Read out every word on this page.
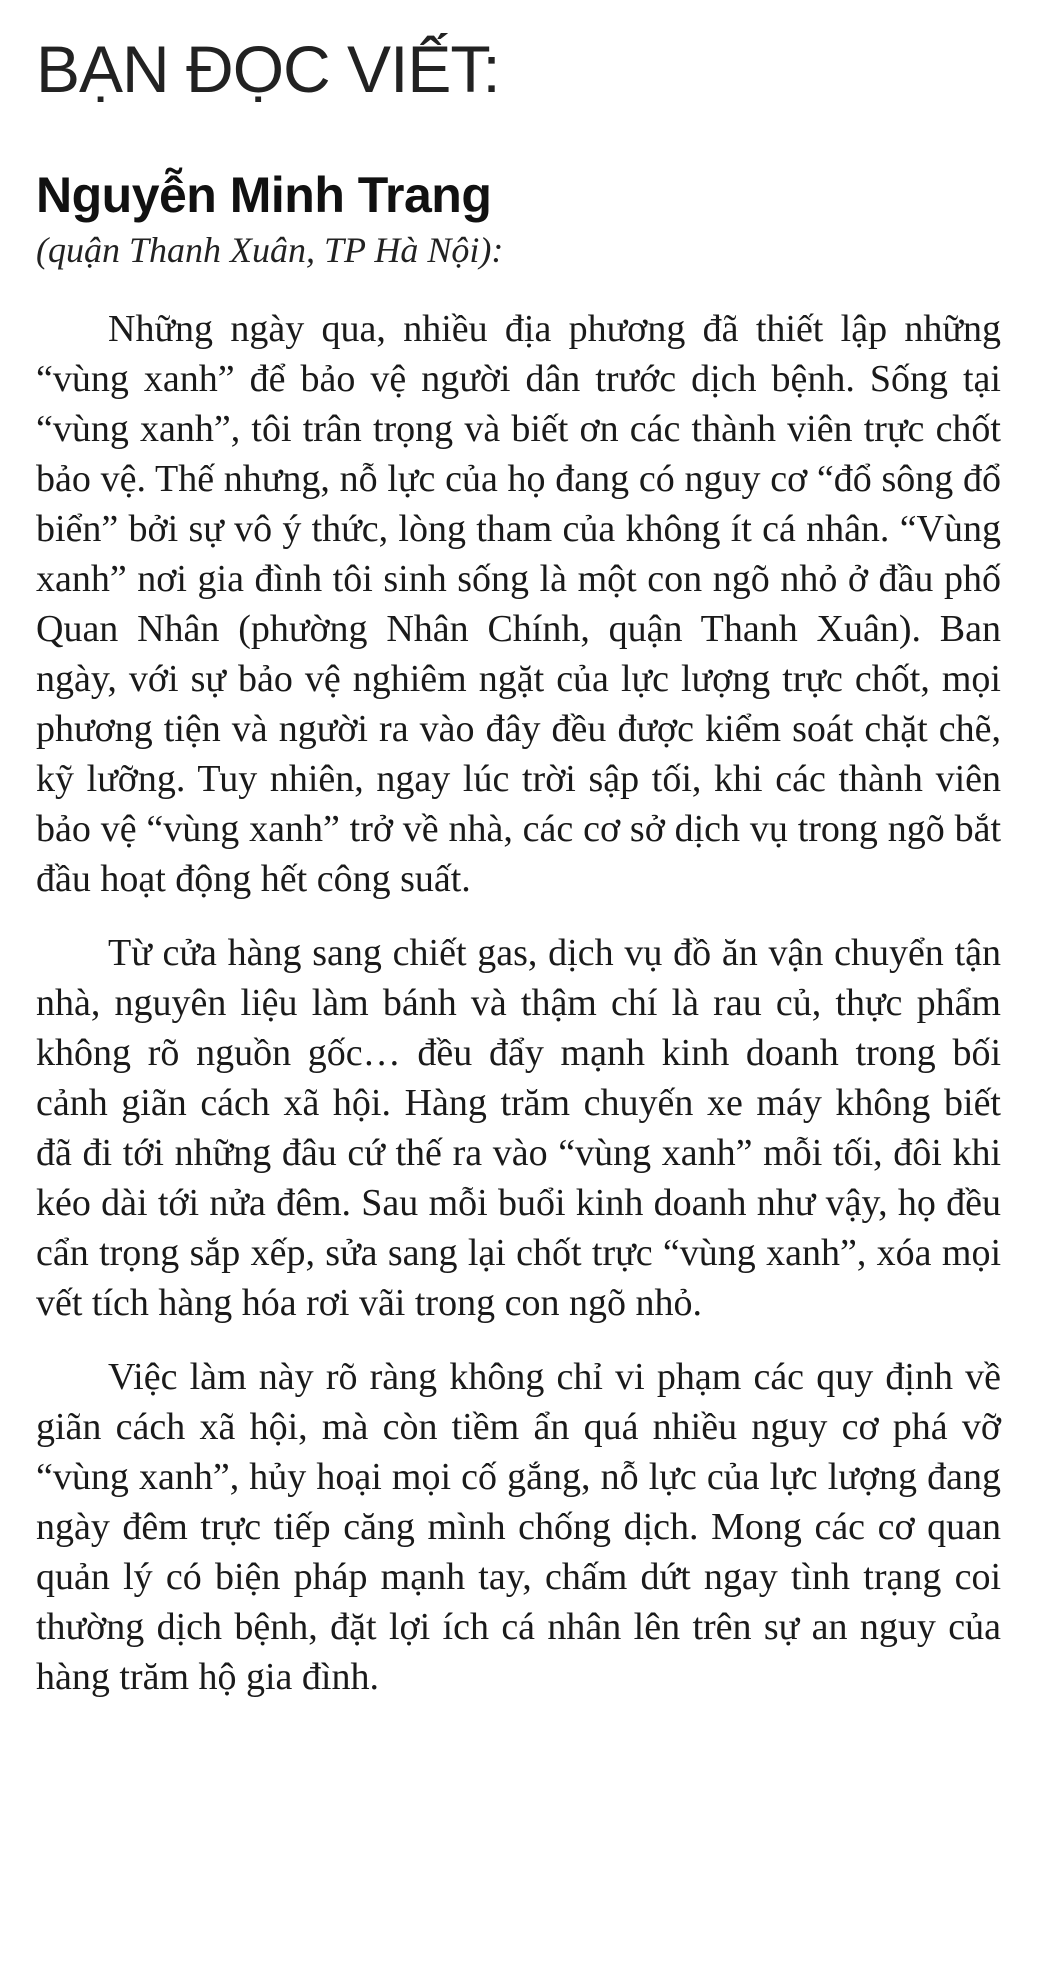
BẠN ĐỌC VIẾT:
Nguyễn Minh Trang
(quận Thanh Xuân, TP Hà Nội):

Những ngày qua, nhiều địa phương đã thiết lập những “vùng xanh” để bảo vệ người dân trước dịch bệnh. Sống tại “vùng xanh”, tôi trân trọng và biết ơn các thành viên trực chốt bảo vệ. Thế nhưng, nỗ lực của họ đang có nguy cơ “đổ sông đổ biển” bởi sự vô ý thức, lòng tham của không ít cá nhân. “Vùng xanh” nơi gia đình tôi sinh sống là một con ngõ nhỏ ở đầu phố Quan Nhân (phường Nhân Chính, quận Thanh Xuân). Ban ngày, với sự bảo vệ nghiêm ngặt của lực lượng trực chốt, mọi phương tiện và người ra vào đây đều được kiểm soát chặt chẽ, kỹ lưỡng. Tuy nhiên, ngay lúc trời sập tối, khi các thành viên bảo vệ “vùng xanh” trở về nhà, các cơ sở dịch vụ trong ngõ bắt đầu hoạt động hết công suất.

Từ cửa hàng sang chiết gas, dịch vụ đồ ăn vận chuyển tận nhà, nguyên liệu làm bánh và thậm chí là rau củ, thực phẩm không rõ nguồn gốc… đều đẩy mạnh kinh doanh trong bối cảnh giãn cách xã hội. Hàng trăm chuyến xe máy không biết đã đi tới những đâu cứ thế ra vào “vùng xanh” mỗi tối, đôi khi kéo dài tới nửa đêm. Sau mỗi buổi kinh doanh như vậy, họ đều cẩn trọng sắp xếp, sửa sang lại chốt trực “vùng xanh”, xóa mọi vết tích hàng hóa rơi vãi trong con ngõ nhỏ.

Việc làm này rõ ràng không chỉ vi phạm các quy định về giãn cách xã hội, mà còn tiềm ẩn quá nhiều nguy cơ phá vỡ “vùng xanh”, hủy hoại mọi cố gắng, nỗ lực của lực lượng đang ngày đêm trực tiếp căng mình chống dịch. Mong các cơ quan quản lý có biện pháp mạnh tay, chấm dứt ngay tình trạng coi thường dịch bệnh, đặt lợi ích cá nhân lên trên sự an nguy của hàng trăm hộ gia đình.
